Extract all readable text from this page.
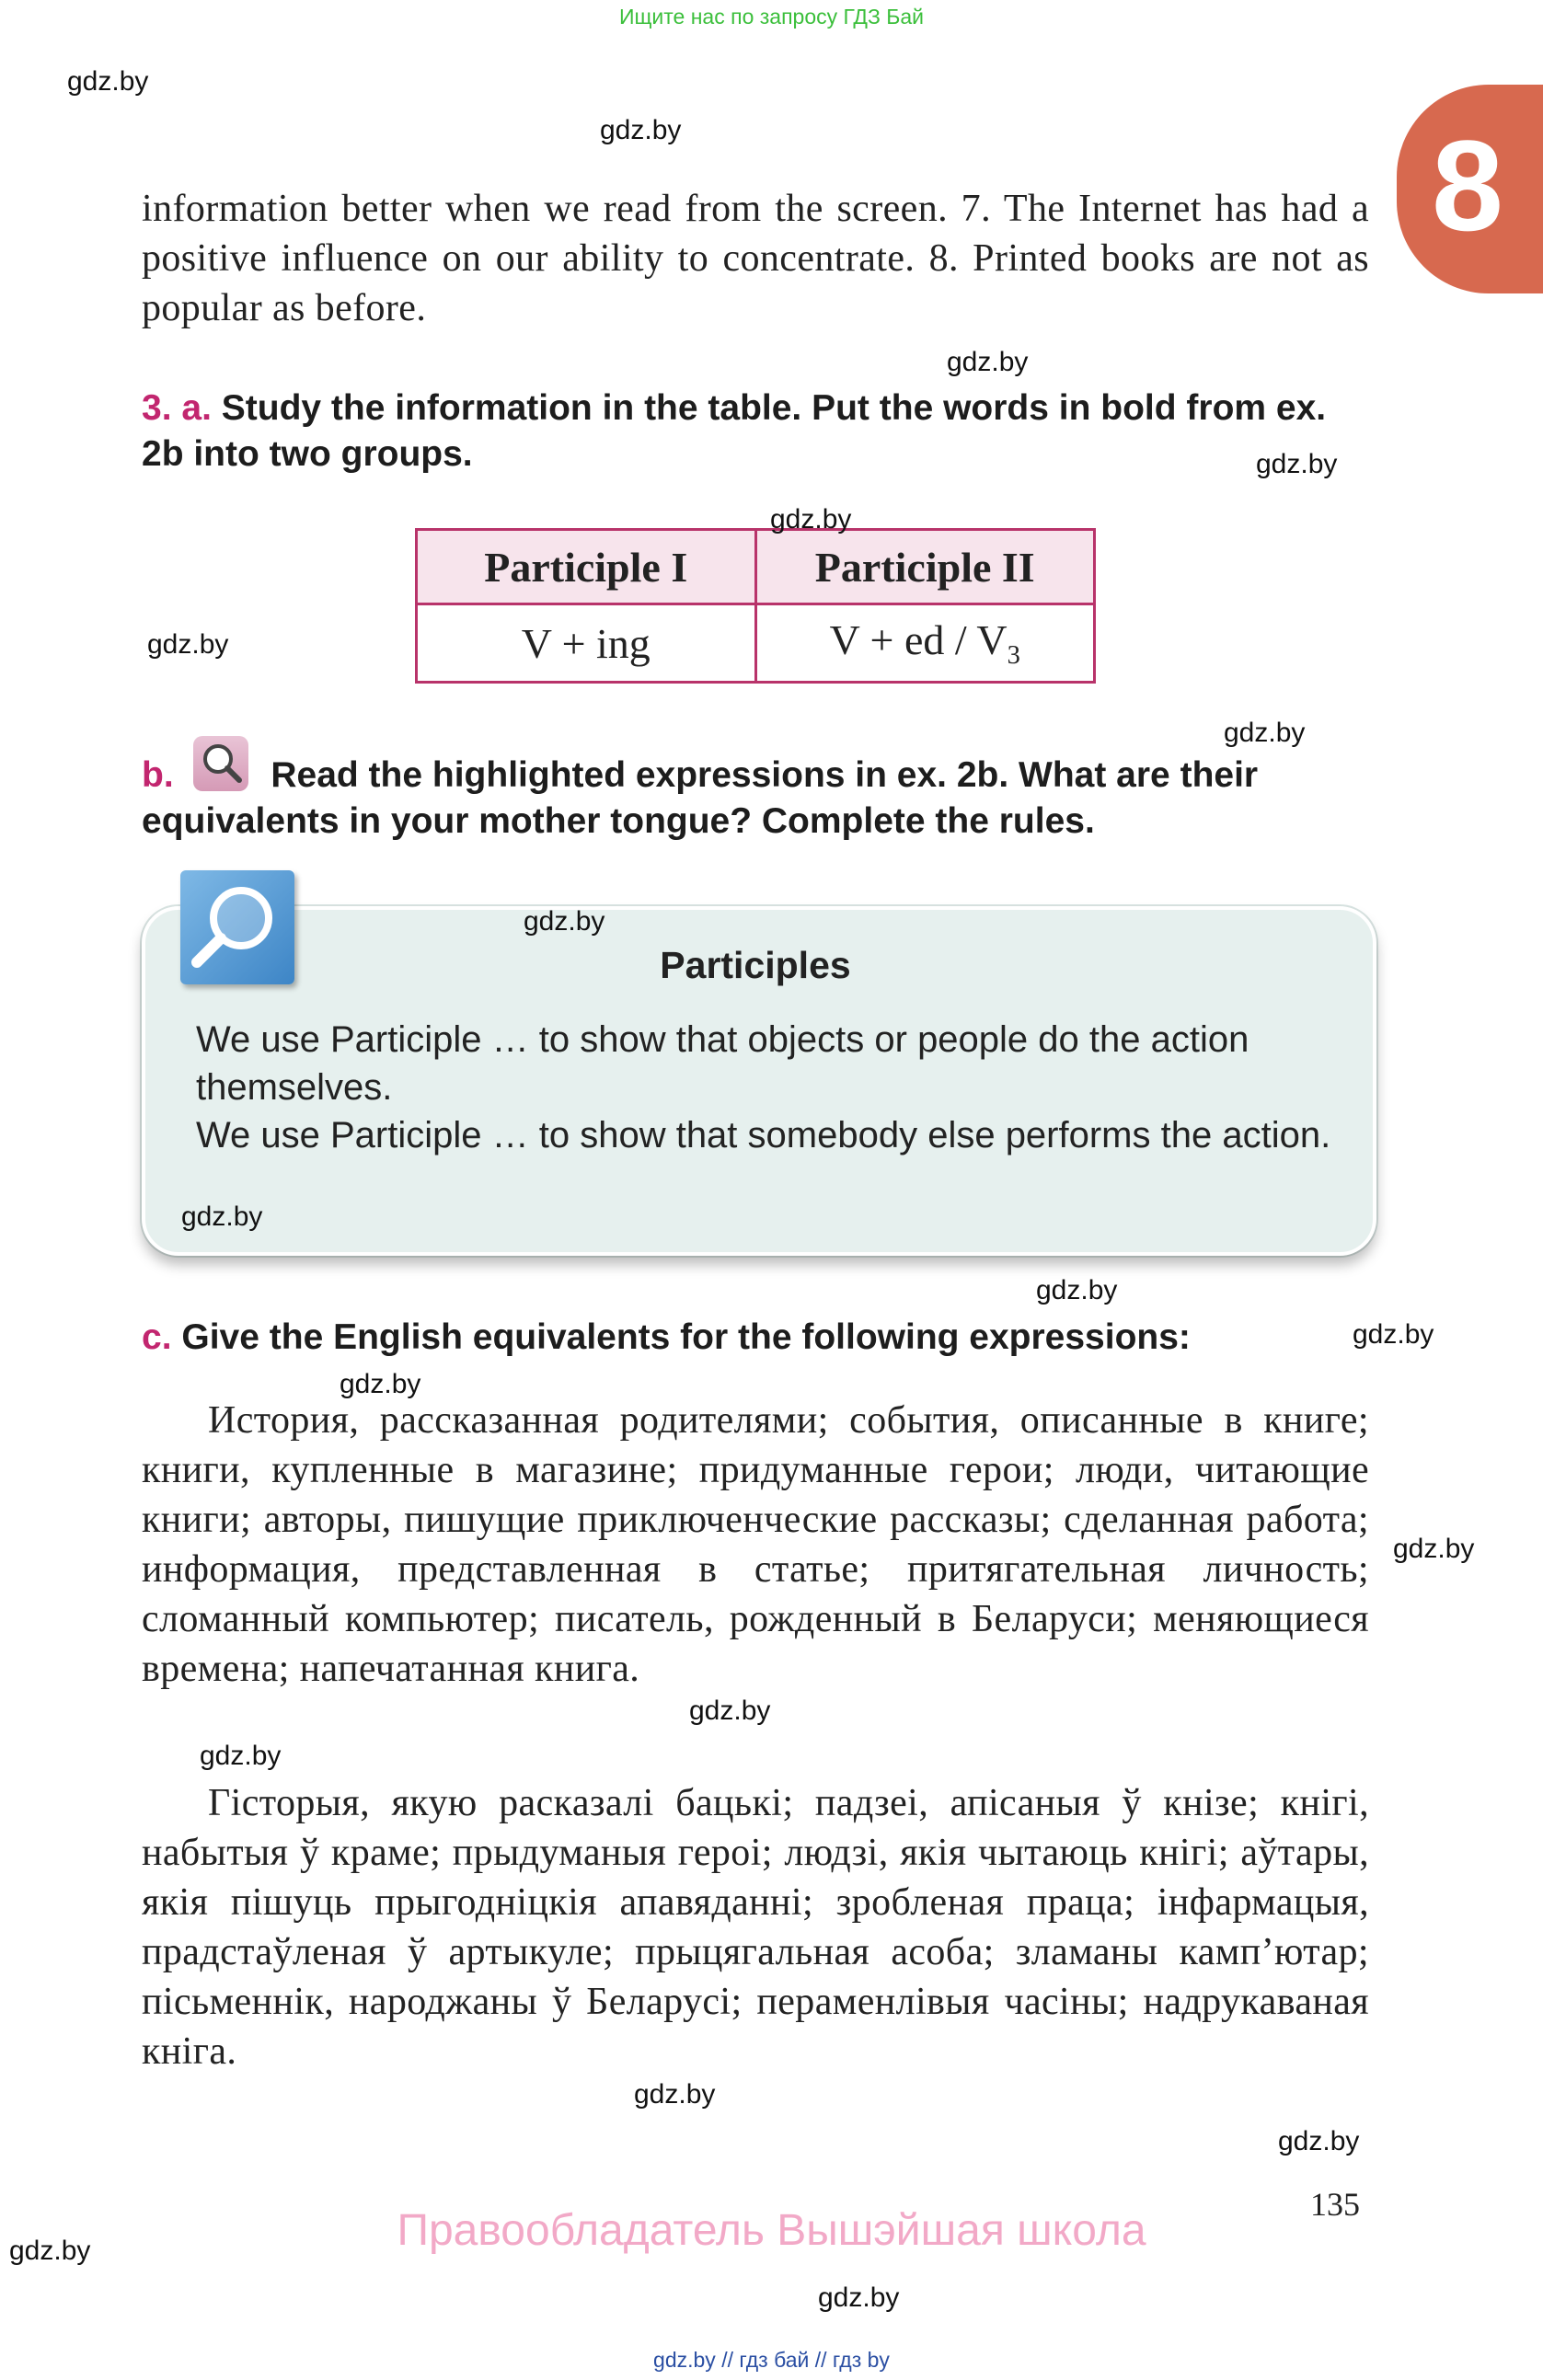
Ищите нас по запросу ГДЗ Бай
8

information better when we read from the screen. 7. The Internet has had a positive influence on our ability to concentrate. 8. Printed books are not as popular as before.

3. a. Study the information in the table. Put the words in bold from ex. 2b into two groups.

Participle I	Participle II
V + ing	V + ed / $V_3$

b.	Read the highlighted expressions in ex. 2b. What are their equivalents in your mother tongue? Complete the rules.

Participles
We use Participle … to show that objects or people do the action themselves.
We use Participle … to show that somebody else performs the action.

c. Give the English equivalents for the following expressions:

История, рассказанная родителями; события, описанные в книге; книги, купленные в магазине; придуманные герои; люди, читающие книги; авторы, пишущие приключенческие рассказы; сделанная работа; информация, представленная в статье; притягательная личность; сломанный компьютер; писатель, рожденный в Беларуси; меняющиеся времена; напечатанная книга.

Гісторыя, якую расказалі бацькі; падзеі, апісаныя ў кнізе; кнігі, набытыя ў краме; прыдуманыя героі; людзі, якія чытаюць кнігі; аўтары, якія пішуць прыгодніцкія апавяданні; зробленая праца; інфармацыя, прадстаўленая ў артыкуле; прыцягальная асоба; зламаны камп’ютар; пісьменнік, народжаны ў Беларусі; пераменлівыя часіны; надрукаваная кніга.

135
Правообладатель Вышэйшая школа
gdz.by // гдз бай // гдз by
gdz.by
gdz.by
gdz.by
gdz.by
gdz.by
gdz.by
gdz.by
gdz.by
gdz.by
gdz.by
gdz.by
gdz.by
gdz.by
gdz.by
gdz.by
gdz.by
gdz.by
gdz.by
gdz.by
